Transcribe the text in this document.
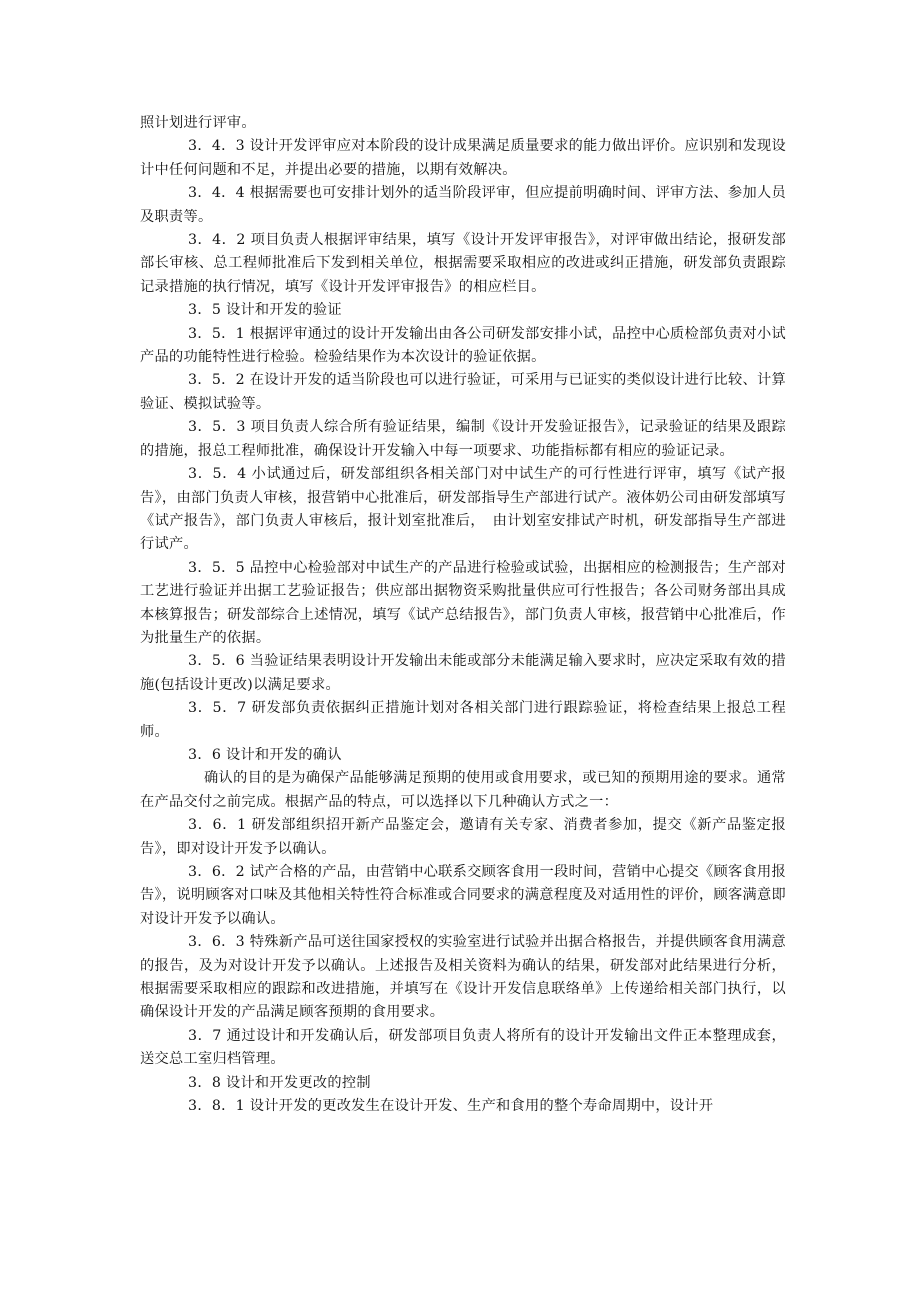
照计划进行评审。

3．4．3 设计开发评审应对本阶段的设计成果满足质量要求的能力做出评价。应识别和发现设计中任何问题和不足，并提出必要的措施，以期有效解决。

3．4．4 根据需要也可安排计划外的适当阶段评审，但应提前明确时间、评审方法、参加人员及职责等。

3．4．2 项目负责人根据评审结果，填写《设计开发评审报告》，对评审做出结论，报研发部部长审核、总工程师批准后下发到相关单位，根据需要采取相应的改进或纠正措施，研发部负责跟踪记录措施的执行情况，填写《设计开发评审报告》的相应栏目。

3．5 设计和开发的验证

3．5．1 根据评审通过的设计开发输出由各公司研发部安排小试，品控中心质检部负责对小试产品的功能特性进行检验。检验结果作为本次设计的验证依据。

3．5．2 在设计开发的适当阶段也可以进行验证，可采用与已证实的类似设计进行比较、计算验证、模拟试验等。

3．5．3 项目负责人综合所有验证结果，编制《设计开发验证报告》，记录验证的结果及跟踪的措施，报总工程师批准，确保设计开发输入中每一项要求、功能指标都有相应的验证记录。

3．5．4 小试通过后，研发部组织各相关部门对中试生产的可行性进行评审，填写《试产报告》，由部门负责人审核，报营销中心批准后，研发部指导生产部进行试产。液体奶公司由研发部填写《试产报告》，部门负责人审核后，报计划室批准后，　由计划室安排试产时机，研发部指导生产部进行试产。

3．5．5 品控中心检验部对中试生产的产品进行检验或试验，出据相应的检测报告；生产部对工艺进行验证并出据工艺验证报告；供应部出据物资采购批量供应可行性报告；各公司财务部出具成本核算报告；研发部综合上述情况，填写《试产总结报告》，部门负责人审核，报营销中心批准后，作为批量生产的依据。

3．5．6 当验证结果表明设计开发输出未能或部分未能满足输入要求时，应决定采取有效的措施(包括设计更改)以满足要求。

3．5．7 研发部负责依据纠正措施计划对各相关部门进行跟踪验证，将检查结果上报总工程师。

3．6 设计和开发的确认

确认的目的是为确保产品能够满足预期的使用或食用要求，或已知的预期用途的要求。通常在产品交付之前完成。根据产品的特点，可以选择以下几种确认方式之一：

3．6．1 研发部组织招开新产品鉴定会，邀请有关专家、消费者参加，提交《新产品鉴定报告》，即对设计开发予以确认。

3．6．2 试产合格的产品，由营销中心联系交顾客食用一段时间，营销中心提交《顾客食用报告》，说明顾客对口味及其他相关特性符合标准或合同要求的满意程度及对适用性的评价，顾客满意即对设计开发予以确认。

3．6．3 特殊新产品可送往国家授权的实验室进行试验并出据合格报告，并提供顾客食用满意的报告，及为对设计开发予以确认。上述报告及相关资料为确认的结果，研发部对此结果进行分析，根据需要采取相应的跟踪和改进措施，并填写在《设计开发信息联络单》上传递给相关部门执行，以确保设计开发的产品满足顾客预期的食用要求。

3．7 通过设计和开发确认后，研发部项目负责人将所有的设计开发输出文件正本整理成套，送交总工室归档管理。

3．8 设计和开发更改的控制

3．8．1 设计开发的更改发生在设计开发、生产和食用的整个寿命周期中，设计开
